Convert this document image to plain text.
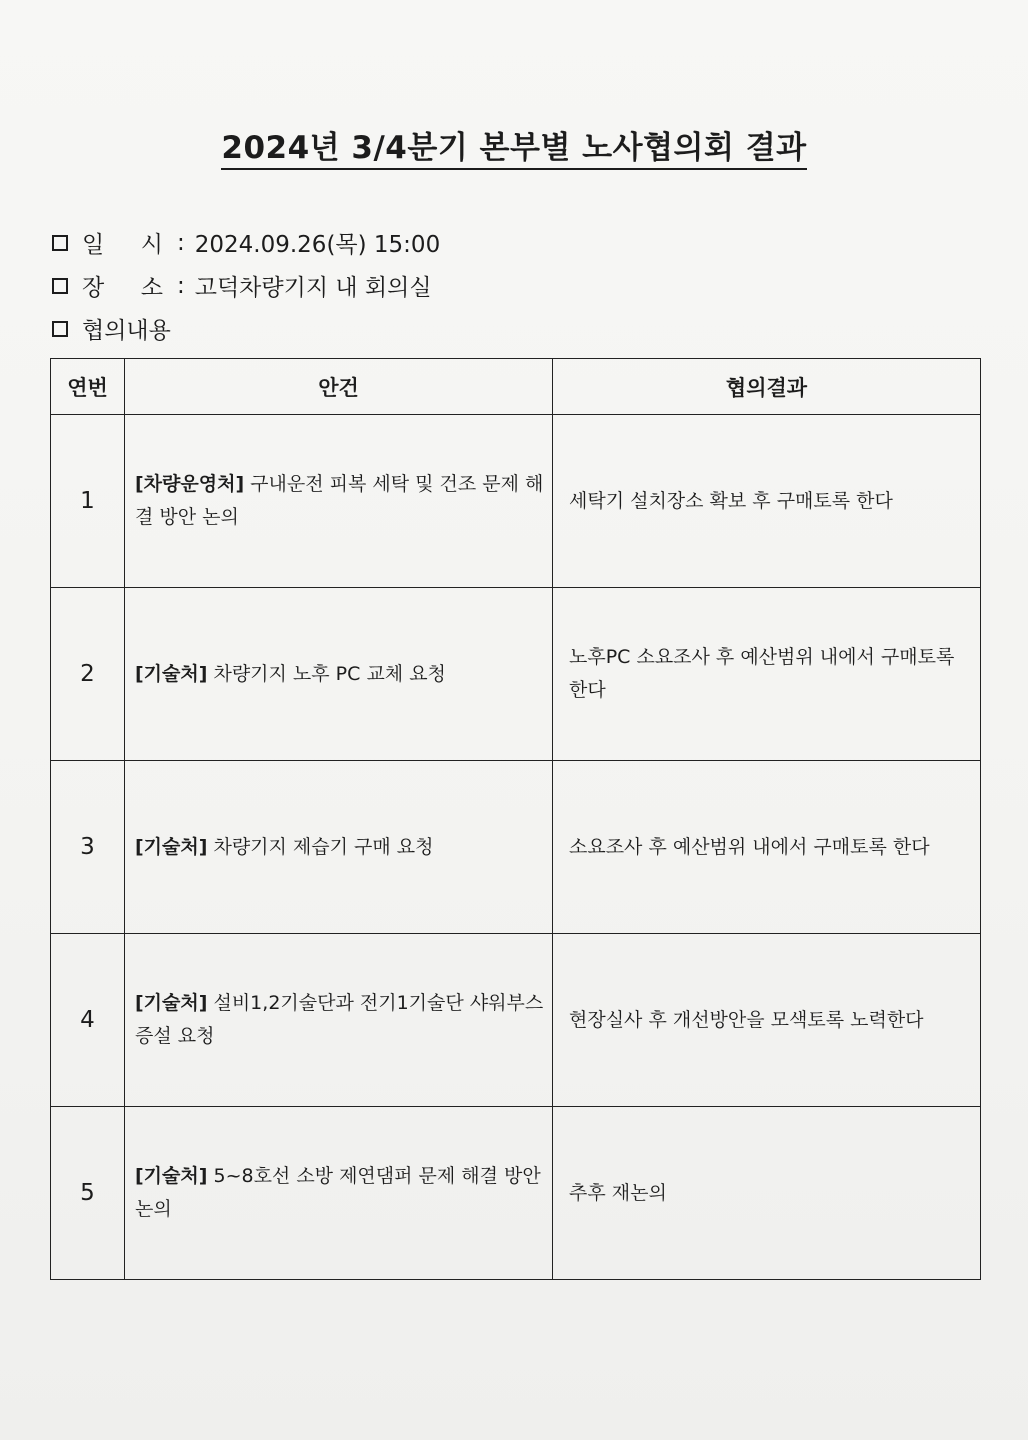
2024년 3/4분기 본부별 노사협의회 결과
일     시 : 2024.09.26(목) 15:00
장     소 : 고덕차량기지 내 회의실
협의내용
연번	안건	협의결과
1	[차량운영처] 구내운전 피복 세탁 및 건조 문제 해결 방안 논의	세탁기 설치장소 확보 후 구매토록 한다
2	[기술처] 차량기지 노후 PC 교체 요청	노후PC 소요조사 후 예산범위 내에서 구매토록 한다
3	[기술처] 차량기지 제습기 구매 요청	소요조사 후 예산범위 내에서 구매토록 한다
4	[기술처] 설비1,2기술단과 전기1기술단 샤워부스 증설 요청	현장실사 후 개선방안을 모색토록 노력한다
5	[기술처] 5~8호선 소방 제연댐퍼 문제 해결 방안 논의	추후 재논의
